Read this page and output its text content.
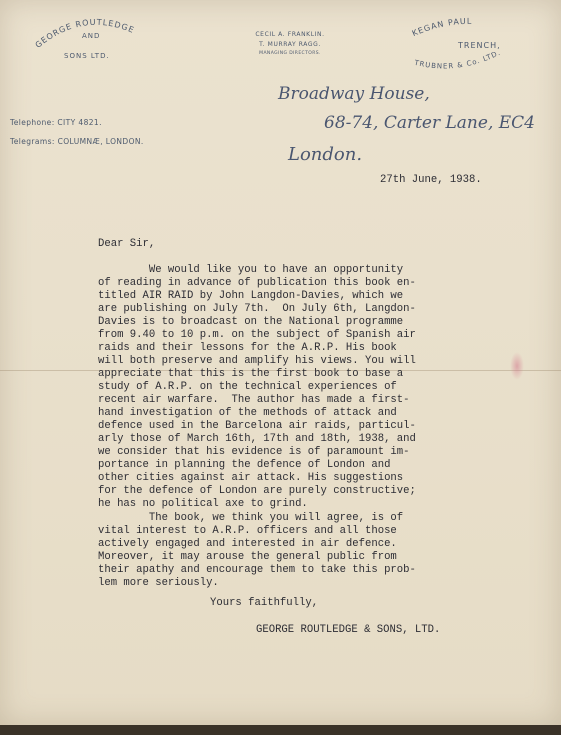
GEORGE ROUTLEDGE
AND
SONS LTD.
CECIL A. FRANKLIN.
T. MURRAY RAGG.
MANAGING DIRECTORS.
KEGAN PAUL
TRENCH,
TRUBNER & Co. LTD.
Telephone: CITY 4821.
Telegrams: COLUMNÆ, LONDON.
Broadway House,
68-74, Carter Lane, EC4
London.
27th June, 1938.
Dear Sir,
We would like you to have an opportunity
of reading in advance of publication this book en-
titled AIR RAID by John Langdon-Davies, which we
are publishing on July 7th.  On July 6th, Langdon-
Davies is to broadcast on the National programme
from 9.40 to 10 p.m. on the subject of Spanish air
raids and their lessons for the A.R.P. His book
will both preserve and amplify his views. You will
appreciate that this is the first book to base a
study of A.R.P. on the technical experiences of
recent air warfare.  The author has made a first-
hand investigation of the methods of attack and
defence used in the Barcelona air raids, particul-
arly those of March 16th, 17th and 18th, 1938, and
we consider that his evidence is of paramount im-
portance in planning the defence of London and
other cities against air attack. His suggestions
for the defence of London are purely constructive;
he has no political axe to grind.
The book, we think you will agree, is of
vital interest to A.R.P. officers and all those
actively engaged and interested in air defence.
Moreover, it may arouse the general public from
their apathy and encourage them to take this prob-
lem more seriously.
Yours faithfully,
GEORGE ROUTLEDGE & SONS, LTD.
